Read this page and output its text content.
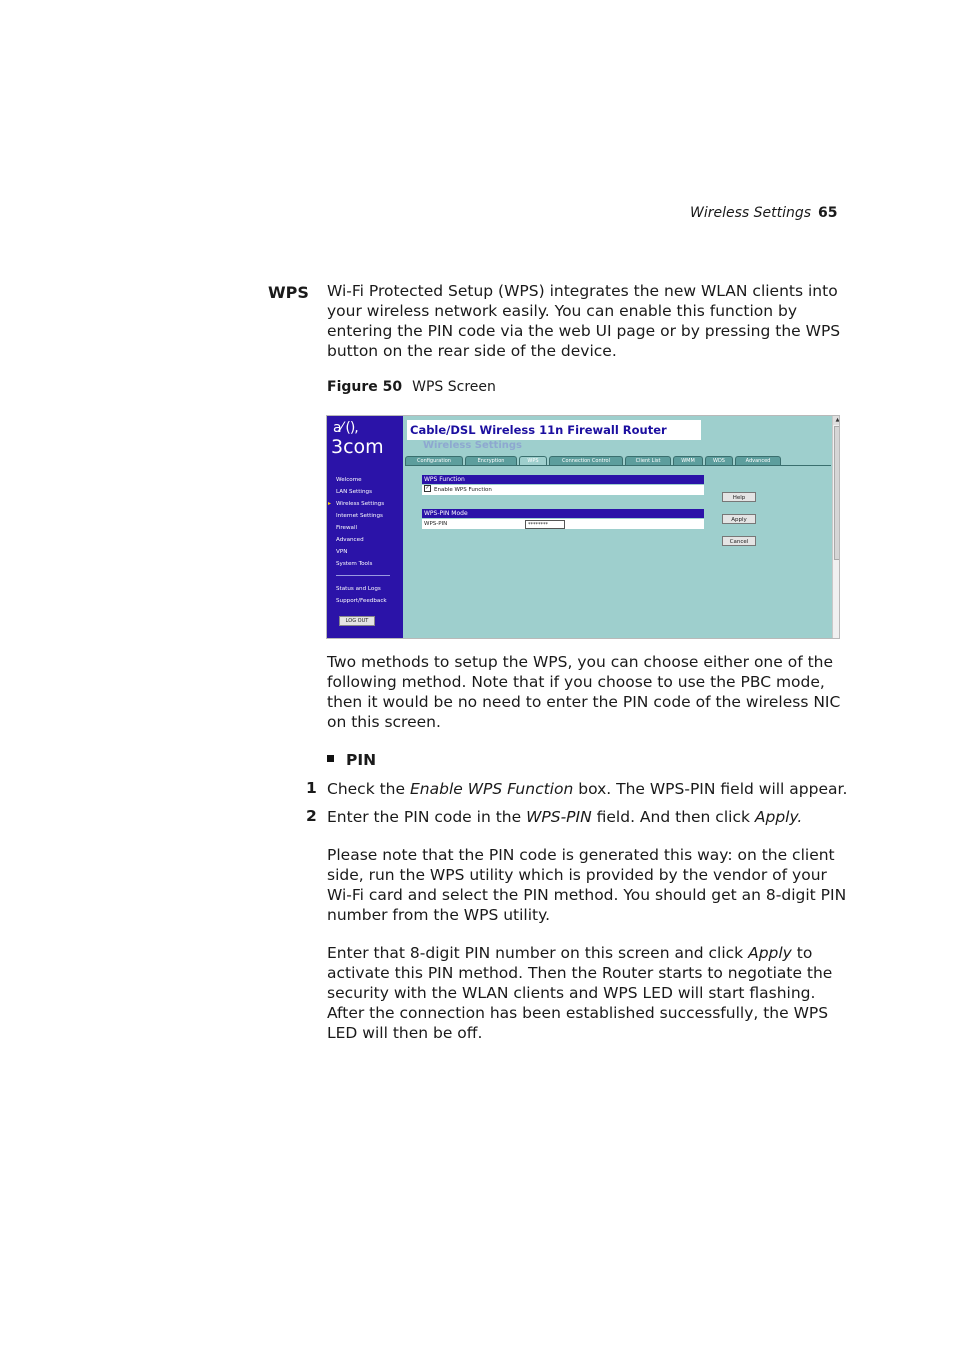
Wireless Settings 65
WPS Wi-Fi Protected Setup (WPS) integrates the new WLAN clients into your wireless network easily. You can enable this function by entering the PIN code via the web UI page or by pressing the WPS button on the rear side of the device.
Figure 50 WPS Screen
a⁄ (),
3com
Welcome
LAN Settings
▸ Wireless Settings
Internet Settings
Firewall
Advanced
VPN
System Tools
Status and Logs
Support/Feedback
LOG OUT
Cable/DSL Wireless 11n Firewall Router
Wireless Settings
Configuration	Encryption	WPS	Connection Control	Client List	WMM	WDS	Advanced
WPS Function
✓ Enable WPS Function
WPS-PIN Mode
WPS-PIN	********
Help
Apply
Cancel
▲
Two methods to setup the WPS, you can choose either one of the following method. Note that if you choose to use the PBC mode, then it would be no need to enter the PIN code of the wireless NIC on this screen.
PIN
1 Check the Enable WPS Function box. The WPS-PIN field will appear.
2 Enter the PIN code in the WPS-PIN field. And then click Apply.
Please note that the PIN code is generated this way: on the client side, run the WPS utility which is provided by the vendor of your Wi-Fi card and select the PIN method. You should get an 8-digit PIN number from the WPS utility.
Enter that 8-digit PIN number on this screen and click Apply to activate this PIN method. Then the Router starts to negotiate the security with the WLAN clients and WPS LED will start flashing. After the connection has been established successfully, the WPS LED will then be off.
